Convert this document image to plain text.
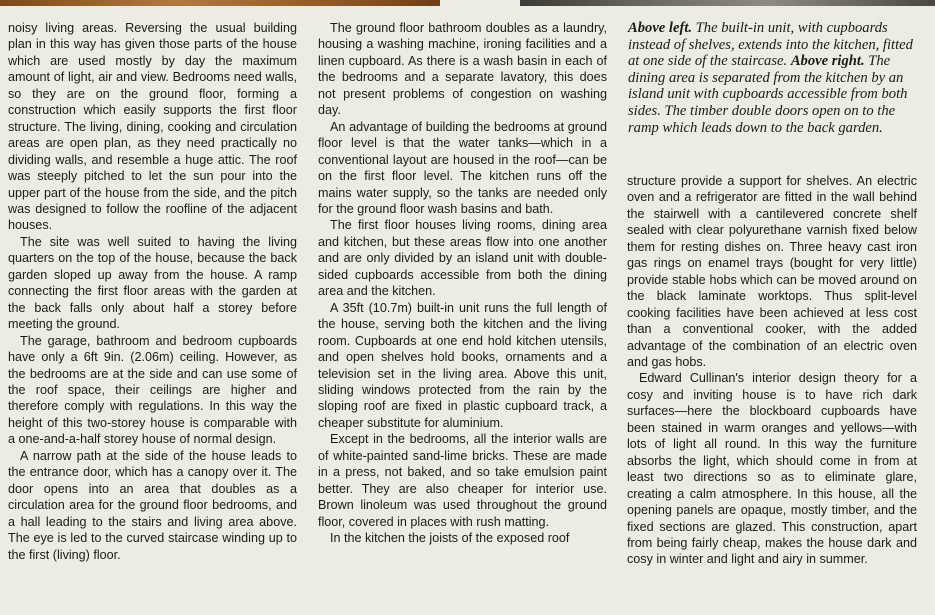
noisy living areas. Reversing the usual building plan in this way has given those parts of the house which are used mostly by day the maximum amount of light, air and view. Bedrooms need walls, so they are on the ground floor, forming a construction which easily supports the first floor structure. The living, dining, cooking and circulation areas are open plan, as they need practically no dividing walls, and resemble a huge attic. The roof was steeply pitched to let the sun pour into the upper part of the house from the side, and the pitch was designed to follow the roofline of the adjacent houses.

The site was well suited to having the living quarters on the top of the house, because the back garden sloped up away from the house. A ramp connecting the first floor areas with the garden at the back falls only about half a storey before meeting the ground.

The garage, bathroom and bedroom cupboards have only a 6ft 9in. (2.06m) ceiling. However, as the bedrooms are at the side and can use some of the roof space, their ceilings are higher and therefore comply with regulations. In this way the height of this two-storey house is comparable with a one-and-a-half storey house of normal design.

A narrow path at the side of the house leads to the entrance door, which has a canopy over it. The door opens into an area that doubles as a circulation area for the ground floor bedrooms, and a hall leading to the stairs and living area above. The eye is led to the curved staircase winding up to the first (living) floor.

The ground floor bathroom doubles as a laundry, housing a washing machine, ironing facilities and a linen cupboard. As there is a wash basin in each of the bedrooms and a separate lavatory, this does not present problems of congestion on washing day.

An advantage of building the bedrooms at ground floor level is that the water tanks—which in a conventional layout are housed in the roof—can be on the first floor level. The kitchen runs off the mains water supply, so the tanks are needed only for the ground floor wash basins and bath.

The first floor houses living rooms, dining area and kitchen, but these areas flow into one another and are only divided by an island unit with double-sided cupboards accessible from both the dining area and the kitchen.

A 35ft (10.7m) built-in unit runs the full length of the house, serving both the kitchen and the living room. Cupboards at one end hold kitchen utensils, and open shelves hold books, ornaments and a television set in the living area. Above this unit, sliding windows protected from the rain by the sloping roof are fixed in plastic cupboard track, a cheaper substitute for aluminium.

Except in the bedrooms, all the interior walls are of white-painted sand-lime bricks. These are made in a press, not baked, and so take emulsion paint better. They are also cheaper for interior use. Brown linoleum was used throughout the ground floor, covered in places with rush matting.

In the kitchen the joists of the exposed roof

Above left. The built-in unit, with cupboards instead of shelves, extends into the kitchen, fitted at one side of the staircase. Above right. The dining area is separated from the kitchen by an island unit with cupboards accessible from both sides. The timber double doors open on to the ramp which leads down to the back garden.

structure provide a support for shelves. An electric oven and a refrigerator are fitted in the wall behind the stairwell with a cantilevered concrete shelf sealed with clear polyurethane varnish fixed below them for resting dishes on. Three heavy cast iron gas rings on enamel trays (bought for very little) provide stable hobs which can be moved around on the black laminate worktops. Thus split-level cooking facilities have been achieved at less cost than a conventional cooker, with the added advantage of the combination of an electric oven and gas hobs.

Edward Cullinan's interior design theory for a cosy and inviting house is to have rich dark surfaces—here the blockboard cupboards have been stained in warm oranges and yellows—with lots of light all round. In this way the furniture absorbs the light, which should come in from at least two directions so as to eliminate glare, creating a calm atmosphere. In this house, all the opening panels are opaque, mostly timber, and the fixed sections are glazed. This construction, apart from being fairly cheap, makes the house dark and cosy in winter and light and airy in summer.
